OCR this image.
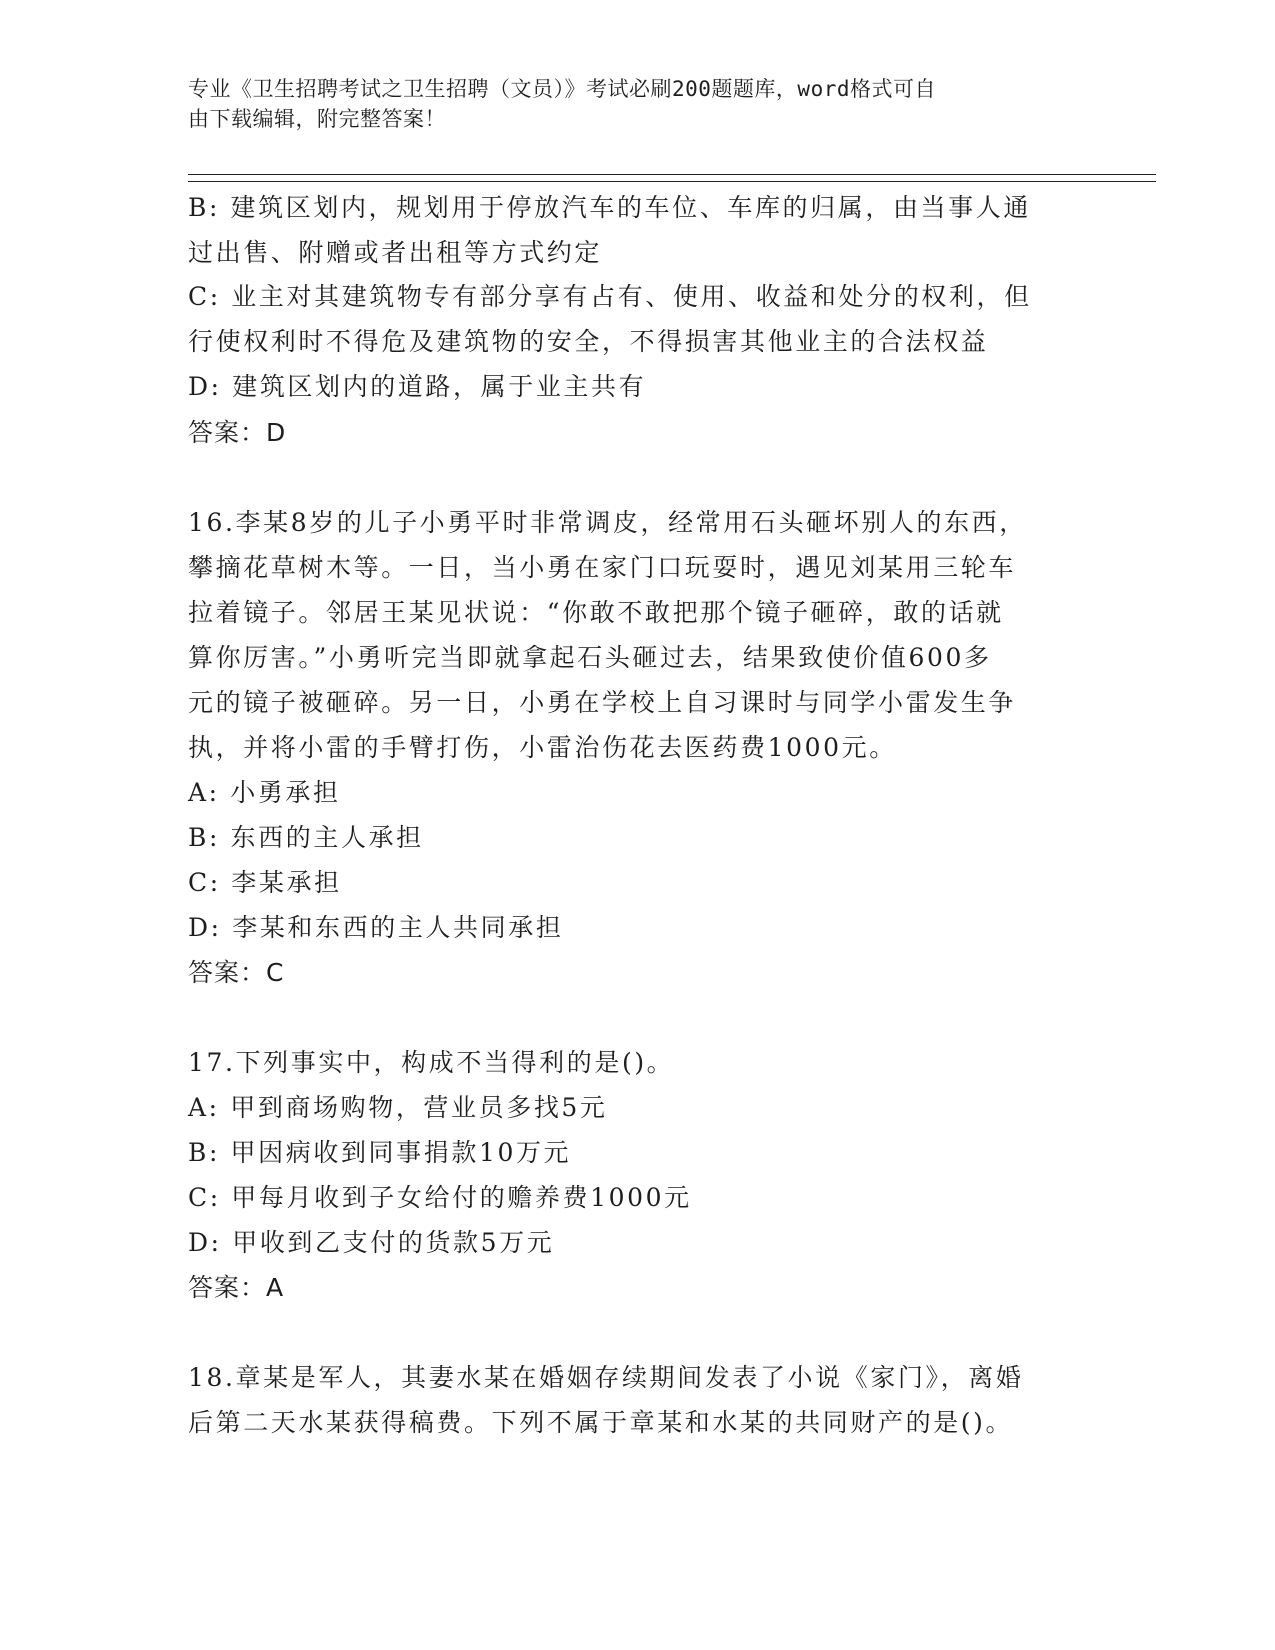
专业《卫生招聘考试之卫生招聘（文员）》考试必刷200题题库，word格式可自
由下载编辑，附完整答案！
B: 建筑区划内，规划用于停放汽车的车位、车库的归属，由当事人通
过出售、附赠或者出租等方式约定
C: 业主对其建筑物专有部分享有占有、使用、收益和处分的权利，但
行使权利时不得危及建筑物的安全，不得损害其他业主的合法权益
D: 建筑区划内的道路，属于业主共有
答案：D
16.李某8岁的儿子小勇平时非常调皮，经常用石头砸坏别人的东西，
攀摘花草树木等。一日，当小勇在家门口玩耍时，遇见刘某用三轮车
拉着镜子。邻居王某见状说：“你敢不敢把那个镜子砸碎，敢的话就
算你厉害。”小勇听完当即就拿起石头砸过去，结果致使价值600多
元的镜子被砸碎。另一日，小勇在学校上自习课时与同学小雷发生争
执，并将小雷的手臂打伤，小雷治伤花去医药费1000元。
A: 小勇承担
B: 东西的主人承担
C: 李某承担
D: 李某和东西的主人共同承担
答案：C
17.下列事实中，构成不当得利的是()。
A: 甲到商场购物，营业员多找5元
B: 甲因病收到同事捐款10万元
C: 甲每月收到子女给付的赡养费1000元
D: 甲收到乙支付的货款5万元
答案：A
18.章某是军人，其妻水某在婚姻存续期间发表了小说《家门》，离婚
后第二天水某获得稿费。下列不属于章某和水某的共同财产的是()。
